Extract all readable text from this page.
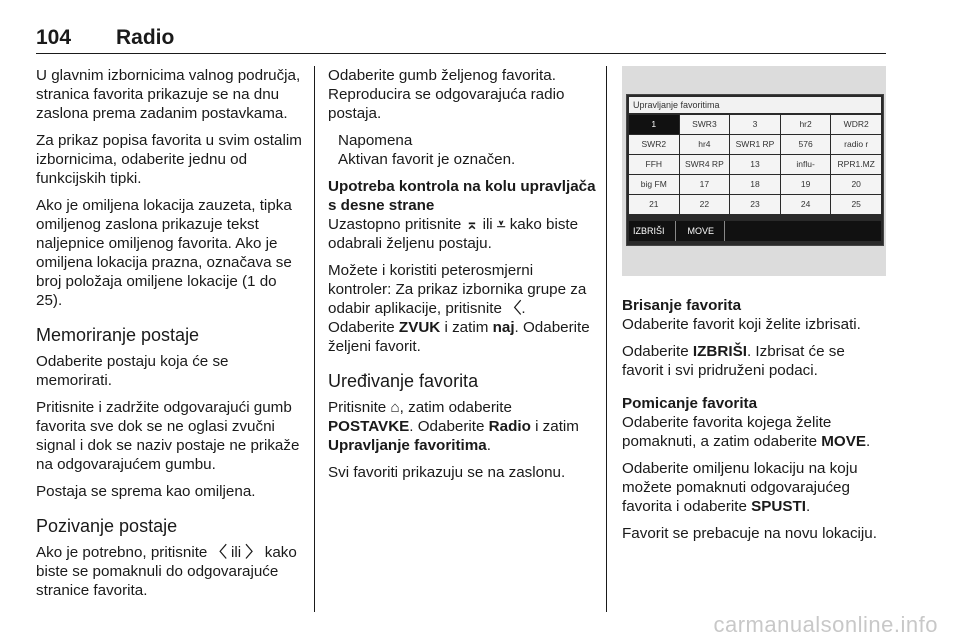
104	Radio

U glavnim izbornicima valnog područja, stranica favorita prikazuje se na dnu zaslona prema zadanim postavkama.

Za prikaz popisa favorita u svim ostalim izbornicima, odaberite jednu od funkcijskih tipki.

Ako je omiljena lokacija zauzeta, tipka omiljenog zaslona prikazuje tekst naljepnice omiljenog favorita. Ako je omiljena lokacija prazna, označava se broj položaja omiljene lokacije (1 do 25).

Memoriranje postaje

Odaberite postaju koja će se memorirati.

Pritisnite i zadržite odgovarajući gumb favorita sve dok se ne oglasi zvučni signal i dok se naziv postaje ne prikaže na odgovarajućem gumbu.

Postaja se sprema kao omiljena.

Pozivanje postaje

Ako je potrebno, pritisnite 〈 ili 〉 kako biste se pomaknuli do odgovarajuće stranice favorita.

Odaberite gumb željenog favorita. Reproducira se odgovarajuća radio postaja.

Napomena
Aktivan favorit je označen.
Upotreba kontrola na kolu upravljača s desne strane

Uzastopno pritisnite ⌅ ili ⩡ kako biste odabrali željenu postaju.

Možete i koristiti peterosmjerni kontroler: Za prikaz izbornika grupe za odabir aplikacije, pritisnite 〈. Odaberite ZVUK i zatim naj. Odaberite željeni favorit.

Uređivanje favorita

Pritisnite ⌂, zatim odaberite POSTAVKE. Odaberite Radio i zatim Upravljanje favoritima.

Svi favoriti prikazuju se na zaslonu.

Upravljanje favoritima
1	SWR3	3	hr2	WDR2
SWR2	hr4	SWR1 RP	576	radio r
FFH	SWR4 RP	13	influ-	RPR1.MZ
big FM	17	18	19	20
21	22	23	24	25
IZBRIŠI	MOVE
Brisanje favorita

Odaberite favorit koji želite izbrisati.

Odaberite IZBRIŠI. Izbrisat će se favorit i svi pridruženi podaci.

Pomicanje favorita

Odaberite favorita kojega želite pomaknuti, a zatim odaberite MOVE.

Odaberite omiljenu lokaciju na koju možete pomaknuti odgovarajućeg favorita i odaberite SPUSTI.

Favorit se prebacuje na novu lokaciju.

carmanualsonline.info
